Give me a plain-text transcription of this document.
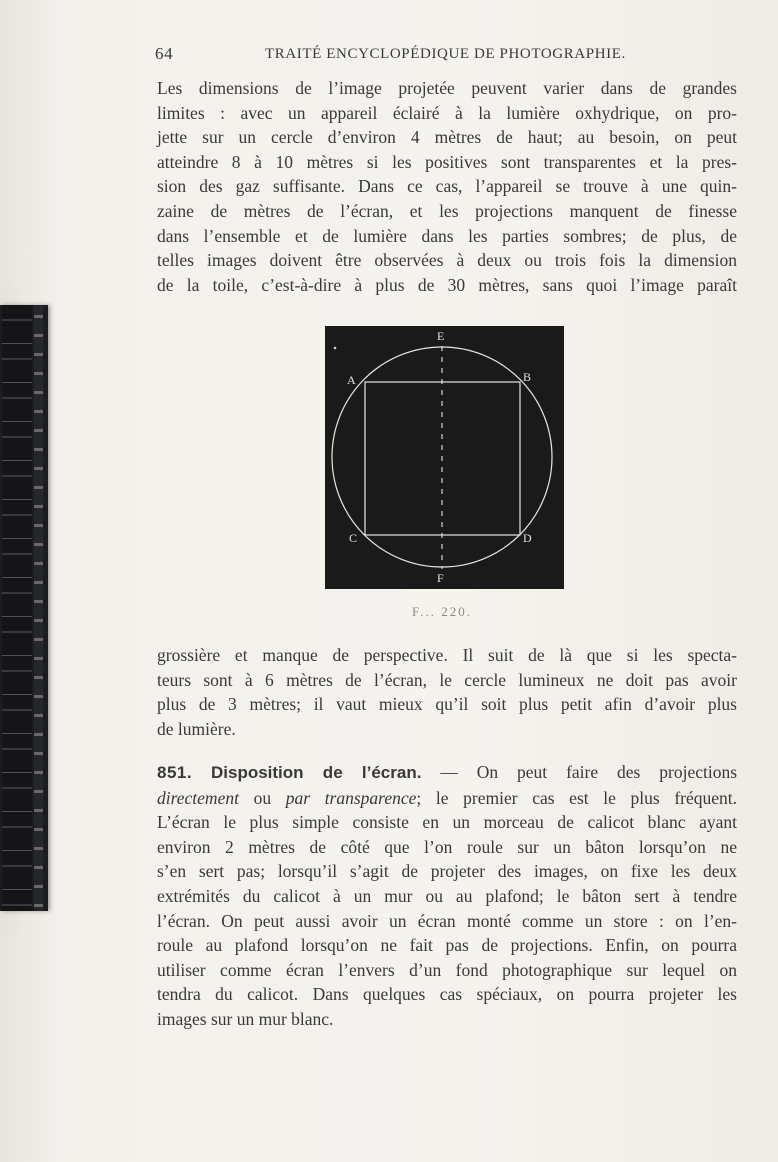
64	TRAITÉ ENCYCLOPÉDIQUE DE PHOTOGRAPHIE.

Les dimensions de l’image projetée peuvent varier dans de grandes
limites : avec un appareil éclairé à la lumière oxhydrique, on pro-
jette sur un cercle d’environ 4 mètres de haut; au besoin, on peut
atteindre 8 à 10 mètres si les positives sont transparentes et la pres-
sion des gaz suffisante. Dans ce cas, l’appareil se trouve à une quin-
zaine de mètres de l’écran, et les projections manquent de finesse
dans l’ensemble et de lumière dans les parties sombres; de plus, de
telles images doivent être observées à deux ou trois fois la dimension
de la toile, c’est-à-dire à plus de 30 mètres, sans quoi l’image paraît

E
A	B
C	D
F
F... 220.

grossière et manque de perspective. Il suit de là que si les specta-
teurs sont à 6 mètres de l’écran, le cercle lumineux ne doit pas avoir
plus de 3 mètres; il vaut mieux qu’il soit plus petit afin d’avoir plus
de lumière.

851. Disposition de l’écran. — On peut faire des projections
directement ou par transparence; le premier cas est le plus fréquent.
L’écran le plus simple consiste en un morceau de calicot blanc ayant
environ 2 mètres de côté que l’on roule sur un bâton lorsqu’on ne
s’en sert pas; lorsqu’il s’agit de projeter des images, on fixe les deux
extrémités du calicot à un mur ou au plafond; le bâton sert à tendre
l’écran. On peut aussi avoir un écran monté comme un store : on l’en-
roule au plafond lorsqu’on ne fait pas de projections. Enfin, on pourra
utiliser comme écran l’envers d’un fond photographique sur lequel on
tendra du calicot. Dans quelques cas spéciaux, on pourra projeter les
images sur un mur blanc.
